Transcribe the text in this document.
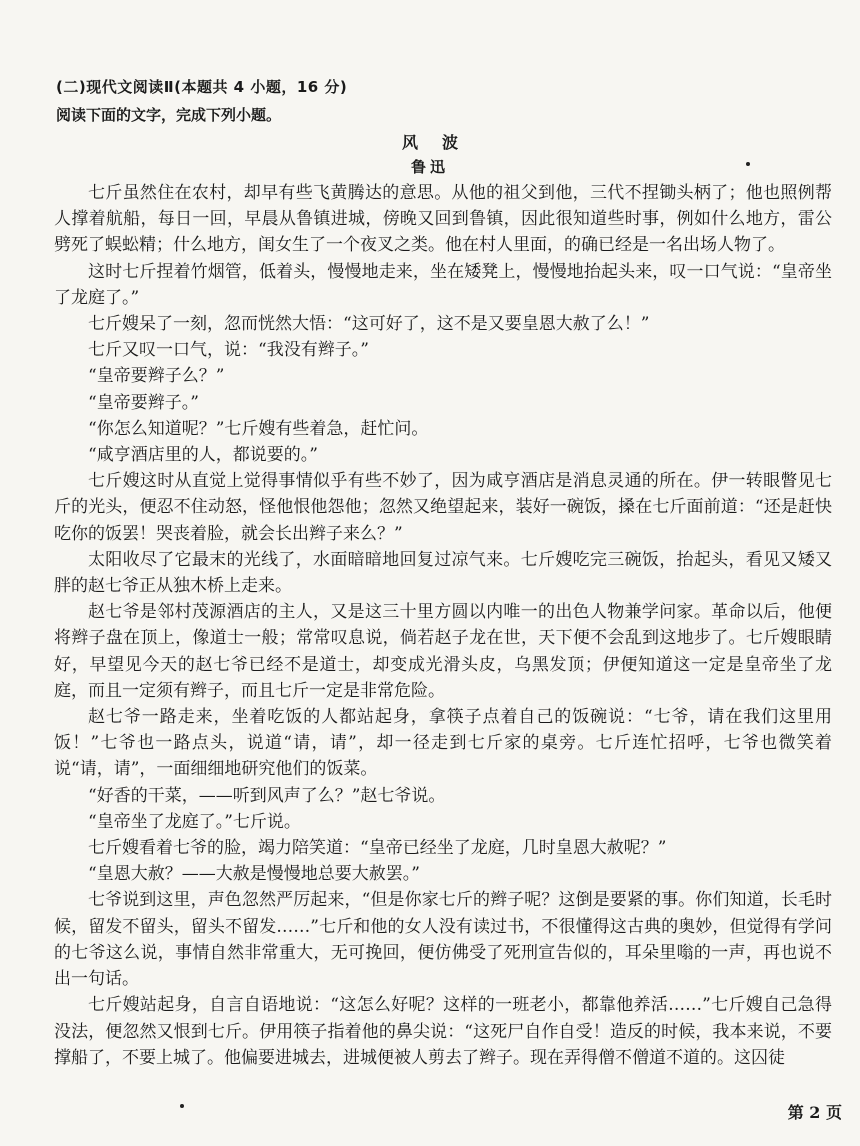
(二)现代文阅读Ⅱ(本题共 4 小题，16 分)
阅读下面的文字，完成下列小题。
风波
鲁迅

七斤虽然住在农村，却早有些飞黄腾达的意思。从他的祖父到他，三代不捏锄头柄了；他也照例帮人撑着航船，每日一回，早晨从鲁镇进城，傍晚又回到鲁镇，因此很知道些时事，例如什么地方，雷公劈死了蜈蚣精；什么地方，闺女生了一个夜叉之类。他在村人里面，的确已经是一名出场人物了。

这时七斤捏着竹烟管，低着头，慢慢地走来，坐在矮凳上，慢慢地抬起头来，叹一口气说：“皇帝坐了龙庭了。”

七斤嫂呆了一刻，忽而恍然大悟：“这可好了，这不是又要皇恩大赦了么！”

七斤又叹一口气，说：“我没有辫子。”

“皇帝要辫子么？”

“皇帝要辫子。”

“你怎么知道呢？”七斤嫂有些着急，赶忙问。

“咸亨酒店里的人，都说要的。”

七斤嫂这时从直觉上觉得事情似乎有些不妙了，因为咸亨酒店是消息灵通的所在。伊一转眼瞥见七斤的光头，便忍不住动怒，怪他恨他怨他；忽然又绝望起来，装好一碗饭，搡在七斤面前道：“还是赶快吃你的饭罢！哭丧着脸，就会长出辫子来么？”

太阳收尽了它最末的光线了，水面暗暗地回复过凉气来。七斤嫂吃完三碗饭，抬起头，看见又矮又胖的赵七爷正从独木桥上走来。

赵七爷是邻村茂源酒店的主人，又是这三十里方圆以内唯一的出色人物兼学问家。革命以后，他便将辫子盘在顶上，像道士一般；常常叹息说，倘若赵子龙在世，天下便不会乱到这地步了。七斤嫂眼睛好，早望见今天的赵七爷已经不是道士，却变成光滑头皮，乌黑发顶；伊便知道这一定是皇帝坐了龙庭，而且一定须有辫子，而且七斤一定是非常危险。

赵七爷一路走来，坐着吃饭的人都站起身，拿筷子点着自己的饭碗说：“七爷，请在我们这里用饭！”七爷也一路点头，说道“请，请”，却一径走到七斤家的桌旁。七斤连忙招呼，七爷也微笑着说“请，请”，一面细细地研究他们的饭菜。

“好香的干菜，——听到风声了么？”赵七爷说。

“皇帝坐了龙庭了。”七斤说。

七斤嫂看着七爷的脸，竭力陪笑道：“皇帝已经坐了龙庭，几时皇恩大赦呢？”

“皇恩大赦？——大赦是慢慢地总要大赦罢。”

七爷说到这里，声色忽然严厉起来，“但是你家七斤的辫子呢？这倒是要紧的事。你们知道，长毛时候，留发不留头，留头不留发……”七斤和他的女人没有读过书，不很懂得这古典的奥妙，但觉得有学问的七爷这么说，事情自然非常重大，无可挽回，便仿佛受了死刑宣告似的，耳朵里嗡的一声，再也说不出一句话。

七斤嫂站起身，自言自语地说：“这怎么好呢？这样的一班老小，都靠他养活……”七斤嫂自己急得没法，便忽然又恨到七斤。伊用筷子指着他的鼻尖说：“这死尸自作自受！造反的时候，我本来说，不要撑船了，不要上城了。他偏要进城去，进城便被人剪去了辫子。现在弄得僧不僧道不道的。这囚徒

第 2 页
